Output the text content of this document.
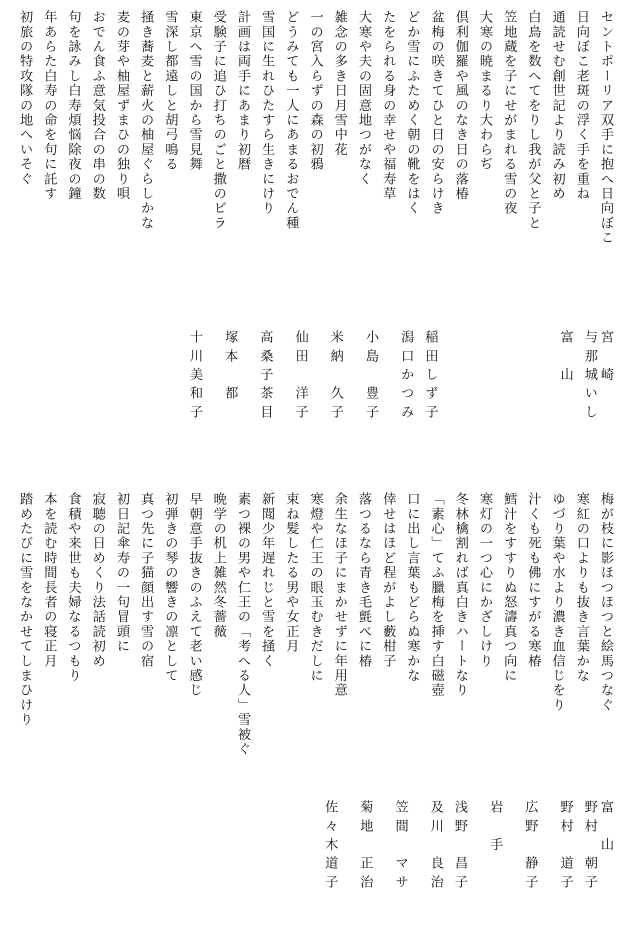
セントポーリア双手に抱へ日向ぼこ
日向ぼこ老斑の浮く手を重ね
通読せむ創世記より読み初め
白鳥を数へてをりし我が父と子と
笠地蔵を子にせがまれる雪の夜
大寒の暁まるり大わらぢ
倶利伽羅や風のなき日の落椿
盆梅の咲きてひと日の安らけき
どか雪にふためく朝の靴をはく
たをられる身の幸せや福寿草
大寒や夫の固意地つがなく
雑念の多き日月雪中花
一の宮入らずの森の初鴉
どうみても一人にあまるおでん種
雪国に生れひたすら生きにけり
計画は両手にあまり初暦
受験子に追ひ打ちのごと撒のビラ
東京へ雪の国から雪見舞
雪深し都遠しと胡弓鳴る
掻き蕎麦と薪火の柚屋ぐらしかな
麦の芽や柚屋ずまひの独り唄
おでん食ふ意気投合の串の数
句を詠みし白寿煩悩除夜の鐘
年あらた白寿の命を句に託す
初旅の特攻隊の地へいそぐ
宮　崎
与那城いし
富　山
稲田しず子
潟口かつみ
小島　豊子
米納　久子
仙田　洋子
高桑子茶目
塚本　都
十川美和子
梅が枝に影ほつほつと絵馬つなぐ
寒紅の口よりも抜き言葉かな
ゆづり葉や水より濃き血信じをり
汁くも死も佛にすがる寒椿
鱈汁をすすりぬ怒濤真つ向に
寒灯の一つ心にかざしけり
冬林檎割れば真白きハートなり
「素心」てふ臘梅を挿す白磁壺
口に出し言葉もどらぬ寒かな
倖せはほど程がよし藪柑子
落つるなら青き毛氈べに椿
余生なほ子にまかせずに年用意
寒燈や仁王の眼玉むきだしに
束ね髪したる男や女正月
新聞少年遅れじと雪を掻く
素つ裸の男や仁王の「考へる人」雪被ぐ
晩学の机上雑然冬薔薇
早朝意手抜きのふえて老い感じ
初弾きの琴の響きの凛として
真つ先に子猫顔出す雪の宿
初日記傘寿の一句冒頭に
寂聴の日めくり法話読初め
食積や来世も夫婦なるつもり
本を読む時間長者の寝正月
踏めたびに雪をなかせてしまひけり
富　山
野村　朝子
野村　道子
広野　静子
岩　手
浅野　昌子
及川　良治
笠間　マサ
菊地　正治
佐々木道子
